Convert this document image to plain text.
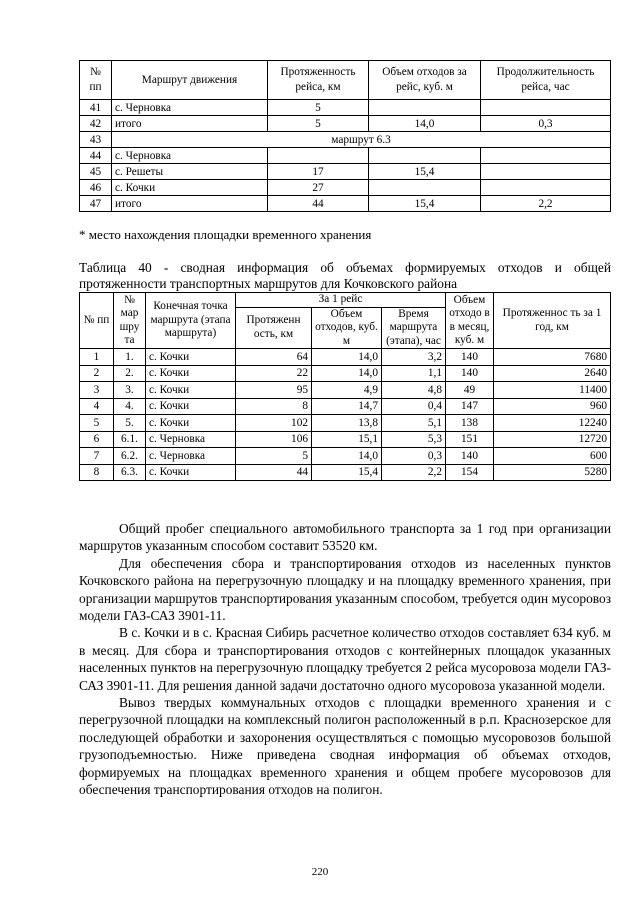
№ пп	Маршрут движения	Протяженность рейса, км	Объем отходов за рейс, куб. м	Продолжительность рейса, час
41	с. Черновка	5		
42	итого	5	14,0	0,3
43	маршрут 6.3			
44	с. Черновка			
45	с. Решеты	17	15,4	
46	с. Кочки	27		
47	итого	44	15,4	2,2
* место нахождения площадки временного хранения
Таблица 40 - сводная информация об объемах формируемых отходов и общей протяженности транспортных маршрутов для Кочковского района
№ пп	№ мар шру та	Конечная точка маршрута (этапа маршрута)	За 1 рейс			Объем отходо в в месяц, куб. м	Протяженнос ть за 1 год, км
			Протяженн ость, км	Объем отходов, куб. м	Время маршрута (этапа), час		
1	1.	с. Кочки	64	14,0	3,2	140	7680
2	2.	с. Кочки	22	14,0	1,1	140	2640
3	3.	с. Кочки	95	4,9	4,8	49	11400
4	4.	с. Кочки	8	14,7	0,4	147	960
5	5.	с. Кочки	102	13,8	5,1	138	12240
6	6.1.	с. Черновка	106	15,1	5,3	151	12720
7	6.2.	с. Черновка	5	14,0	0,3	140	600
8	6.3.	с. Кочки	44	15,4	2,2	154	5280

Общий пробег специального автомобильного транспорта за 1 год при организации маршрутов указанным способом составит 53520 км.

Для обеспечения сбора и транспортирования отходов из населенных пунктов Кочковского района на перегрузочную площадку и на площадку временного хранения, при организации маршрутов транспортирования указанным способом, требуется один мусоровоз модели ГАЗ-САЗ 3901-11.

В с. Кочки и в с. Красная Сибирь расчетное количество отходов составляет 634 куб. м в месяц. Для сбора и транспортирования отходов с контейнерных площадок указанных населенных пунктов на перегрузочную площадку требуется 2 рейса мусоровоза модели ГАЗ-САЗ 3901-11. Для решения данной задачи достаточно одного мусоровоза указанной модели.

Вывоз твердых коммунальных отходов с площадки временного хранения и с перегрузочной площадки на комплексный полигон расположенный в р.п. Краснозерское для последующей обработки и захоронения осуществляться с помощью мусоровозов большой грузоподъемностью. Ниже приведена сводная информация об объемах отходов, формируемых на площадках временного хранения и общем пробеге мусоровозов для обеспечения транспортирования отходов на полигон.

220
